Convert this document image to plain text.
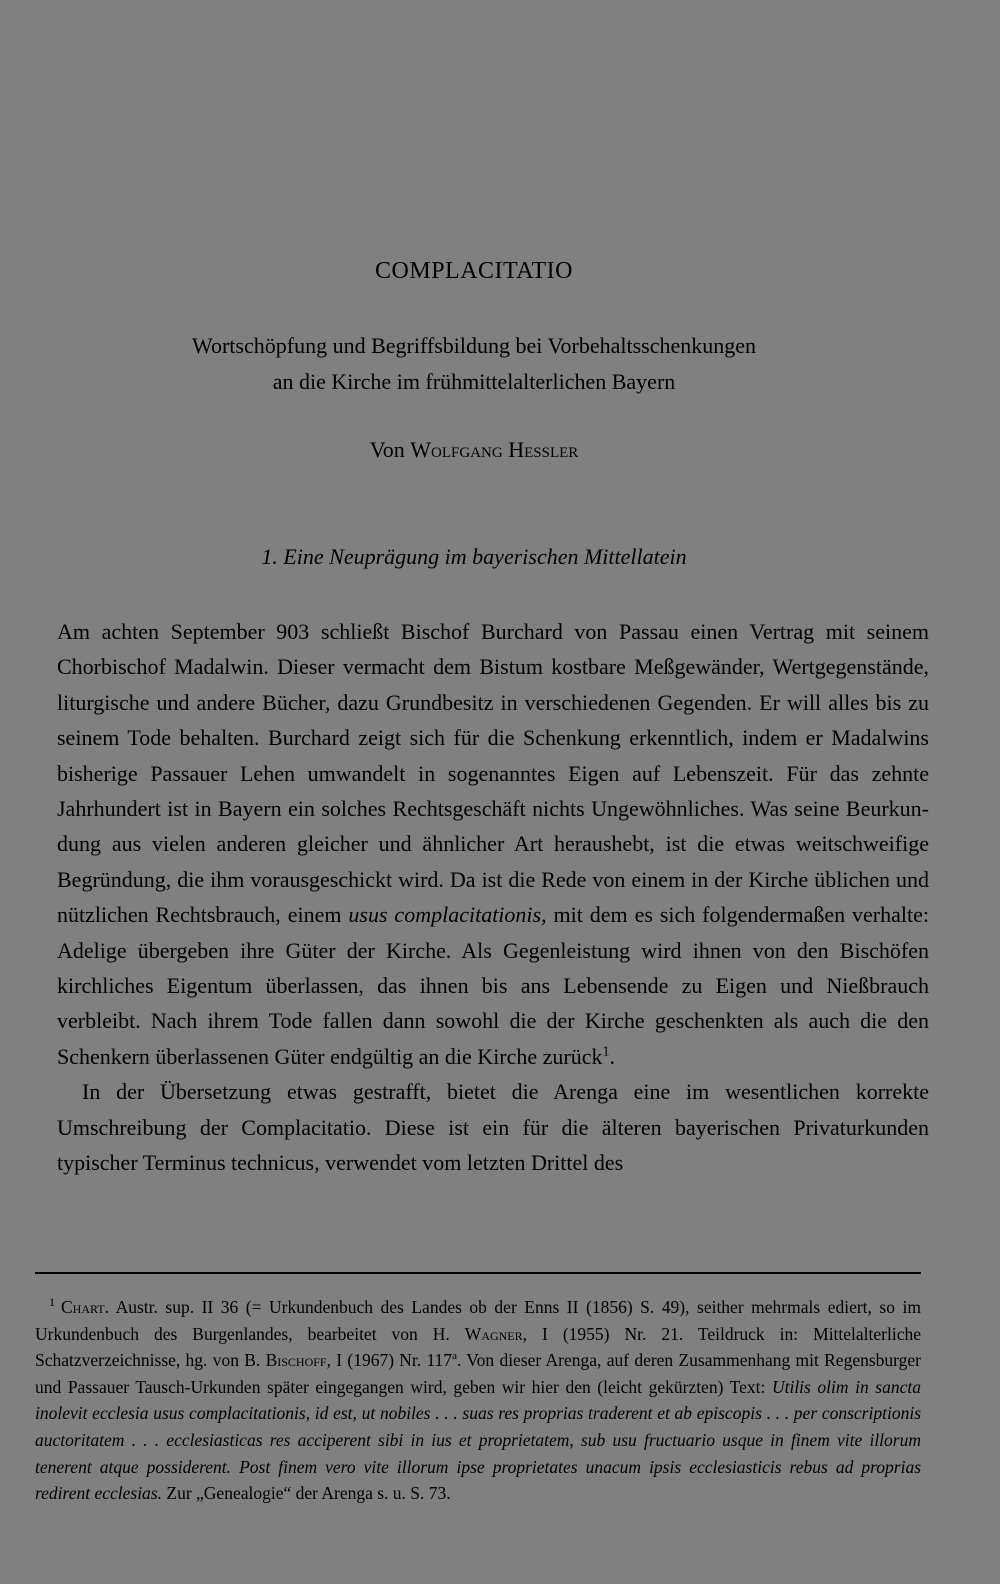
COMPLACITATIO
Wortschöpfung und Begriffsbildung bei Vorbehaltsschenkungen
an die Kirche im frühmittelalterlichen Bayern
Von Wolfgang Hessler
1. Eine Neuprägung im bayerischen Mittellatein

Am achten September 903 schließt Bischof Burchard von Passau einen Vertrag mit seinem Chorbischof Madalwin. Dieser vermacht dem Bistum kostbare Meßgewänder, Wertgegenstände, liturgische und andere Bücher, dazu Grundbesitz in verschiedenen Gegenden. Er will alles bis zu seinem Tode behalten. Burchard zeigt sich für die Schenkung erkenntlich, indem er Madalwins bisherige Passauer Lehen umwandelt in sogenanntes Eigen auf Lebenszeit. Für das zehnte Jahrhundert ist in Bayern ein solches Rechtsgeschäft nichts Ungewöhnliches. Was seine Beurkundung aus vielen anderen gleicher und ähnlicher Art heraushebt, ist die etwas weitschweifige Begründung, die ihm vorausgeschickt wird. Da ist die Rede von einem in der Kirche üblichen und nützlichen Rechtsbrauch, einem usus complacitationis, mit dem es sich folgendermaßen verhalte: Adelige übergeben ihre Güter der Kirche. Als Gegenleistung wird ihnen von den Bischöfen kirchliches Eigentum überlassen, das ihnen bis ans Lebensende zu Eigen und Nießbrauch verbleibt. Nach ihrem Tode fallen dann sowohl die der Kirche geschenkten als auch die den Schenkern überlassenen Güter endgültig an die Kirche zurück$^1$.

In der Übersetzung etwas gestrafft, bietet die Arenga eine im wesentlichen korrekte Umschreibung der Complacitatio. Diese ist ein für die älteren bayerischen Privaturkunden typischer Terminus technicus, verwendet vom letzten Drittel des

$^1$ Chart. Austr. sup. II 36 (= Urkundenbuch des Landes ob der Enns II (1856) S. 49), seither mehrmals ediert, so im Urkundenbuch des Burgenlandes, bearbeitet von H. Wagner, I (1955) Nr. 21. Teildruck in: Mittelalterliche Schatzverzeichnisse, hg. von B. Bischoff, I (1967) Nr. 117$^a$. Von dieser Arenga, auf deren Zusammenhang mit Regensburger und Passauer Tausch-Urkunden später eingegangen wird, geben wir hier den (leicht gekürzten) Text: Utilis olim in sancta inolevit ecclesia usus complacitationis, id est, ut nobiles . . . suas res proprias traderent et ab episcopis . . . per conscriptionis auctoritatem . . . ecclesiasticas res acciperent sibi in ius et proprietatem, sub usu fructuario usque in finem vite illorum tenerent atque possiderent. Post finem vero vite illorum ipse proprietates unacum ipsis ecclesiasticis rebus ad proprias redirent ecclesias. Zur „Genealogie“ der Arenga s. u. S. 73.
